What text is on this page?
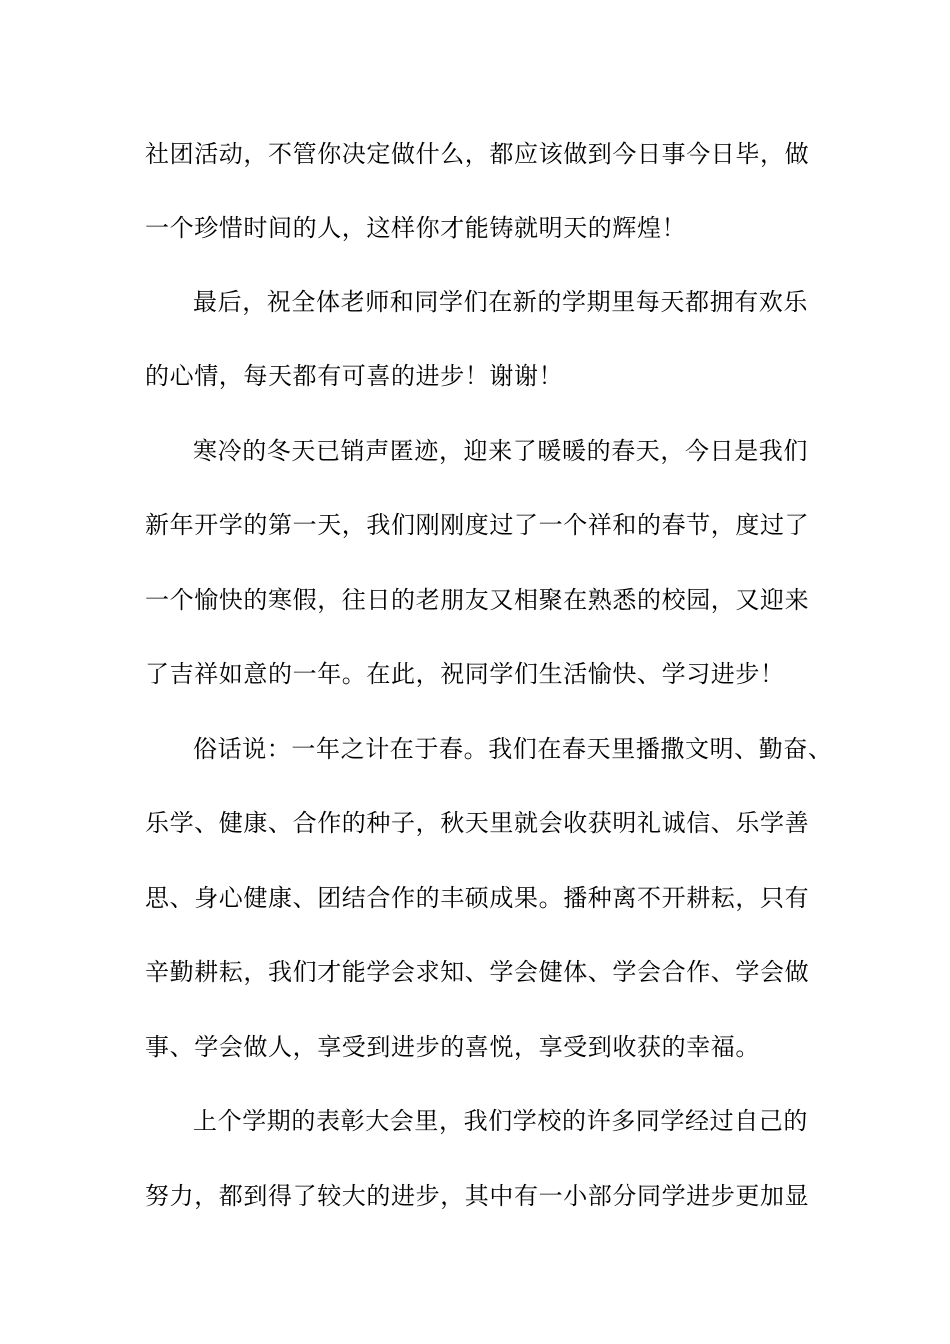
社团活动，不管你决定做什么，都应该做到今日事今日毕，做
一个珍惜时间的人，这样你才能铸就明天的辉煌！
最后，祝全体老师和同学们在新的学期里每天都拥有欢乐
的心情，每天都有可喜的进步！谢谢！
寒冷的冬天已销声匿迹，迎来了暖暖的春天，今日是我们
新年开学的第一天，我们刚刚度过了一个祥和的春节，度过了
一个愉快的寒假，往日的老朋友又相聚在熟悉的校园，又迎来
了吉祥如意的一年。在此，祝同学们生活愉快、学习进步！
俗话说：一年之计在于春。我们在春天里播撒文明、勤奋、
乐学、健康、合作的种子，秋天里就会收获明礼诚信、乐学善
思、身心健康、团结合作的丰硕成果。播种离不开耕耘，只有
辛勤耕耘，我们才能学会求知、学会健体、学会合作、学会做
事、学会做人，享受到进步的喜悦，享受到收获的幸福。
上个学期的表彰大会里，我们学校的许多同学经过自己的
努力，都到得了较大的进步，其中有一小部分同学进步更加显
